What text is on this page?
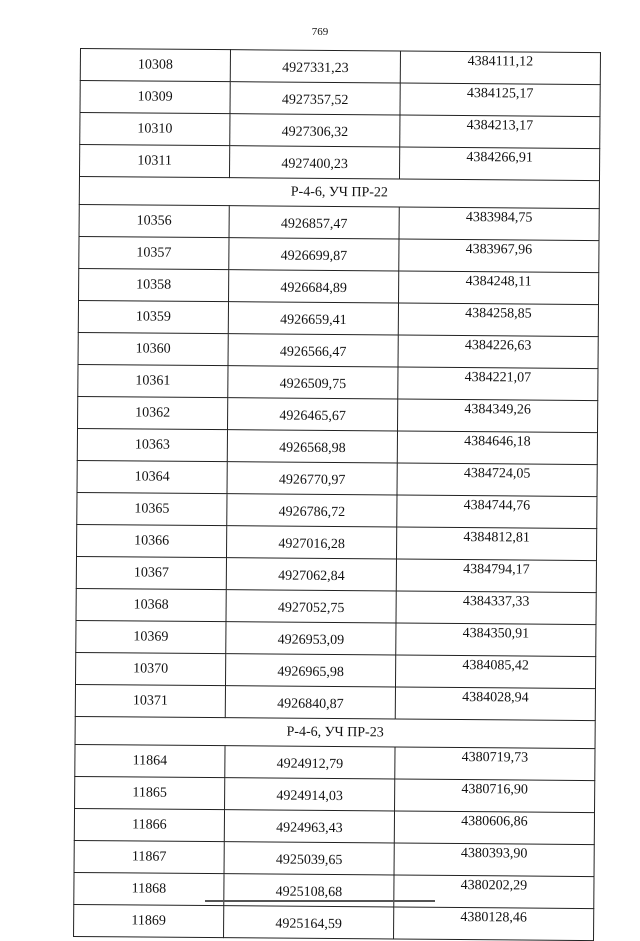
769
10308	4927331,23	4384111,12
10309	4927357,52	4384125,17
10310	4927306,32	4384213,17
10311	4927400,23	4384266,91
Р-4-6, УЧ ПР-22		
10356	4926857,47	4383984,75
10357	4926699,87	4383967,96
10358	4926684,89	4384248,11
10359	4926659,41	4384258,85
10360	4926566,47	4384226,63
10361	4926509,75	4384221,07
10362	4926465,67	4384349,26
10363	4926568,98	4384646,18
10364	4926770,97	4384724,05
10365	4926786,72	4384744,76
10366	4927016,28	4384812,81
10367	4927062,84	4384794,17
10368	4927052,75	4384337,33
10369	4926953,09	4384350,91
10370	4926965,98	4384085,42
10371	4926840,87	4384028,94
Р-4-6, УЧ ПР-23		
11864	4924912,79	4380719,73
11865	4924914,03	4380716,90
11866	4924963,43	4380606,86
11867	4925039,65	4380393,90
11868	4925108,68	4380202,29
11869	4925164,59	4380128,46
